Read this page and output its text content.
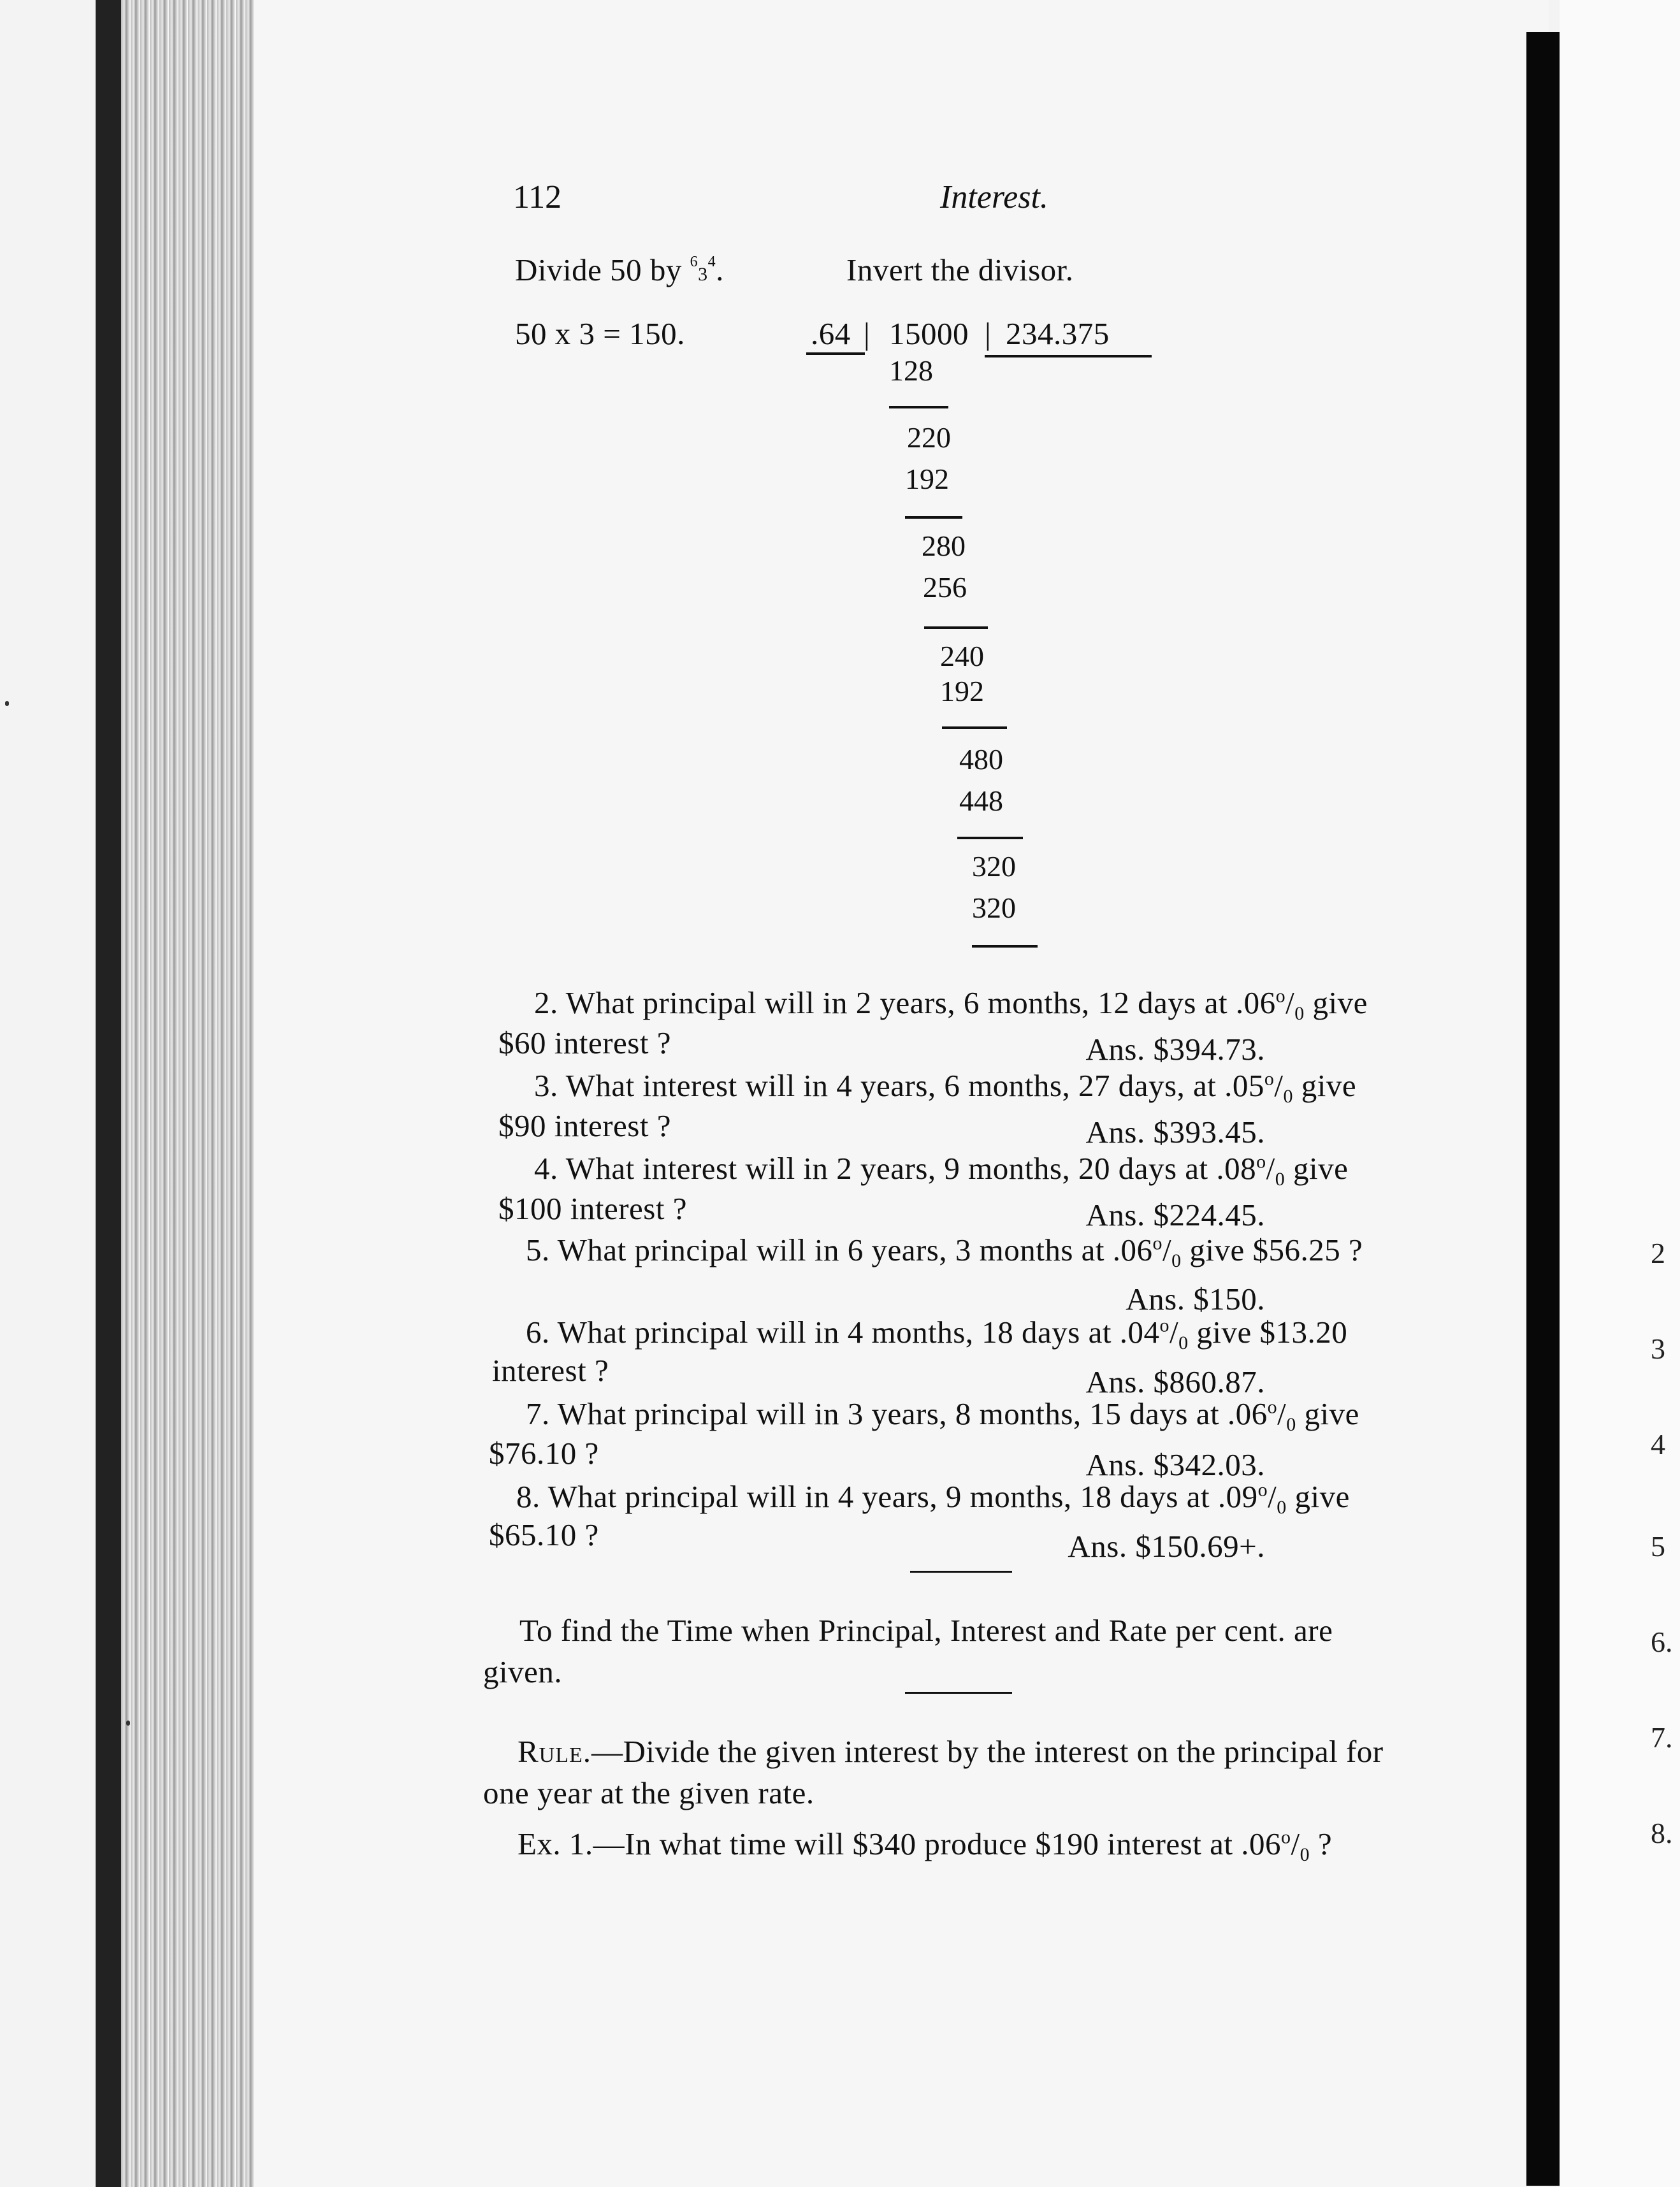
2
3
4
5
6.
7.
8.
112	Interest.
Divide 50 by $^63^4$.	Invert the divisor.
50 x 3 = 150.	.64 | 15000 | 234.375
128
220
192
280
256
240
192
480
448
320
320
2. What principal will in 2 years, 6 months, 12 days at $.06^o/_0$ give
$60 interest ?	Ans. $394.73.
3. What interest will in 4 years, 6 months, 27 days, at $.05^o/_0$ give
$90 interest ?	Ans. $393.45.
4. What interest will in 2 years, 9 months, 20 days at $.08^o/_0$ give
$100 interest ?	Ans. $224.45.
5. What principal will in 6 years, 3 months at $.06^o/_0$ give $56.25 ?
Ans. $150.
6. What principal will in 4 months, 18 days at $.04^o/_0$ give $13.20
interest ?	Ans. $860.87.
7. What principal will in 3 years, 8 months, 15 days at $.06^o/_0$ give
$76.10 ?	Ans. $342.03.
8. What principal will in 4 years, 9 months, 18 days at $.09^o/_0$ give
$65.10 ?	Ans. $150.69+.
To find the Time when Principal, Interest and Rate per cent. are
given.
Rule.—Divide the given interest by the interest on the principal for
one year at the given rate.
Ex. 1.—In what time will $340 produce $190 interest at $.06^o/_0$ ?
